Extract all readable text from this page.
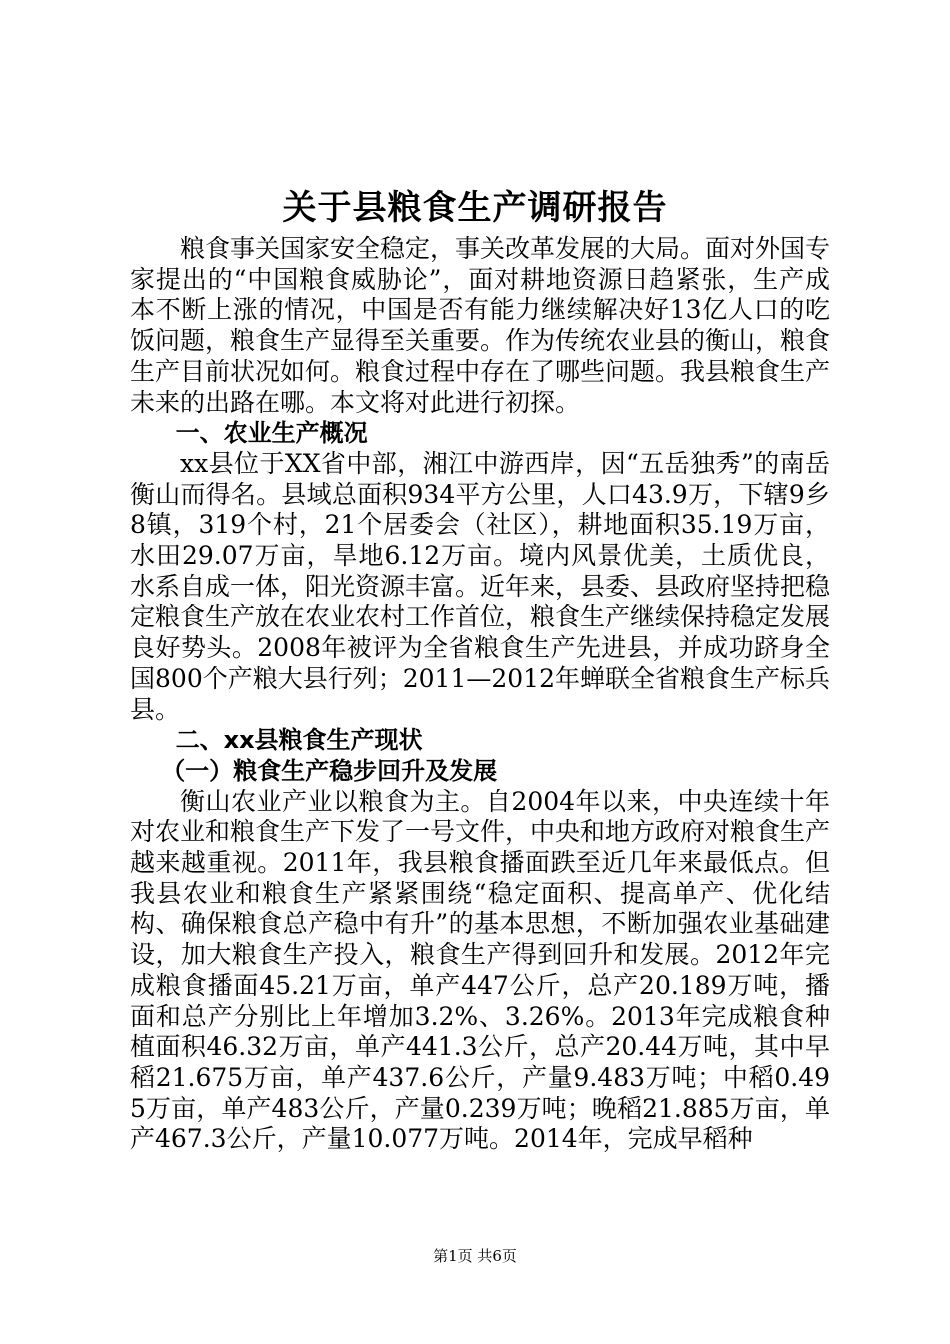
关于县粮食生产调研报告

粮食事关国家安全稳定，事关改革发展的大局。面对外国专家提出的“中国粮食威胁论”，面对耕地资源日趋紧张，生产成本不断上涨的情况，中国是否有能力继续解决好13亿人口的吃饭问题，粮食生产显得至关重要。作为传统农业县的衡山，粮食生产目前状况如何。粮食过程中存在了哪些问题。我县粮食生产未来的出路在哪。本文将对此进行初探。

一、农业生产概况

xx县位于XX省中部，湘江中游西岸，因“五岳独秀”的南岳衡山而得名。县域总面积934平方公里，人口43.9万，下辖9乡8镇，319个村，21个居委会（社区），耕地面积35.19万亩，水田29.07万亩，旱地6.12万亩。境内风景优美，土质优良，水系自成一体，阳光资源丰富。近年来，县委、县政府坚持把稳定粮食生产放在农业农村工作首位，粮食生产继续保持稳定发展良好势头。2008年被评为全省粮食生产先进县，并成功跻身全国800个产粮大县行列；2011—2012年蝉联全省粮食生产标兵县。

二、xx县粮食生产现状

（一）粮食生产稳步回升及发展

衡山农业产业以粮食为主。自2004年以来，中央连续十年对农业和粮食生产下发了一号文件，中央和地方政府对粮食生产越来越重视。2011年，我县粮食播面跌至近几年来最低点。但我县农业和粮食生产紧紧围绕“稳定面积、提高单产、优化结构、确保粮食总产稳中有升”的基本思想，不断加强农业基础建设，加大粮食生产投入，粮食生产得到回升和发展。2012年完成粮食播面45.21万亩，单产447公斤，总产20.189万吨，播面和总产分别比上年增加3.2%、3.26%。2013年完成粮食种植面积46.32万亩，单产441.3公斤，总产20.44万吨，其中早稻21.675万亩，单产437.6公斤，产量9.483万吨；中稻0.495万亩，单产483公斤，产量0.239万吨；晚稻21.885万亩，单产467.3公斤，产量10.077万吨。2014年，完成早稻种

第1页 共6页
